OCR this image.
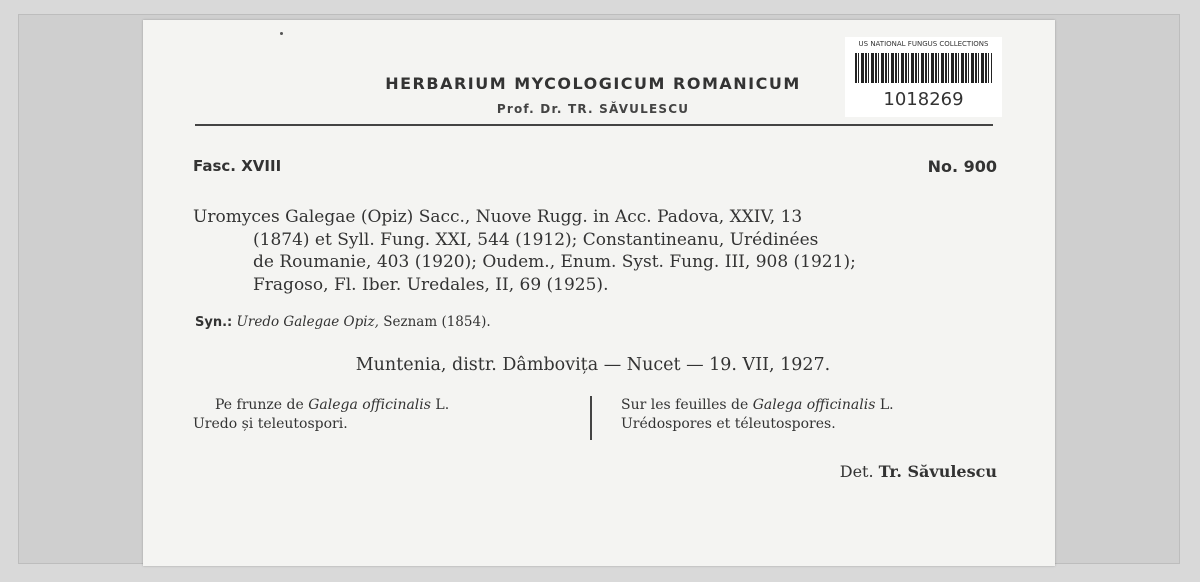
HERBARIUM MYCOLOGICUM ROMANICUM
Prof. Dr. TR. SĂVULESCU
US NATIONAL FUNGUS COLLECTIONS
1018269
Fasc. XVIII	No. 900
Uromyces Galegae (Opiz) Sacc., Nuove Rugg. in Acc. Padova, XXIV, 13
(1874) et Syll. Fung. XXI, 544 (1912); Constantineanu, Urédinées
de Roumanie, 403 (1920); Oudem., Enum. Syst. Fung. III, 908 (1921);
Fragoso, Fl. Iber. Uredales, II, 69 (1925).
Syn.: Uredo Galegae Opiz, Seznam (1854).
Muntenia, distr. Dâmbovița — Nucet — 19. VII, 1927.
Pe frunze de Galega officinalis L.
Uredo și teleutospori.
Sur les feuilles de Galega officinalis L.
Urédospores et téleutospores.
Det. Tr. Săvulescu
